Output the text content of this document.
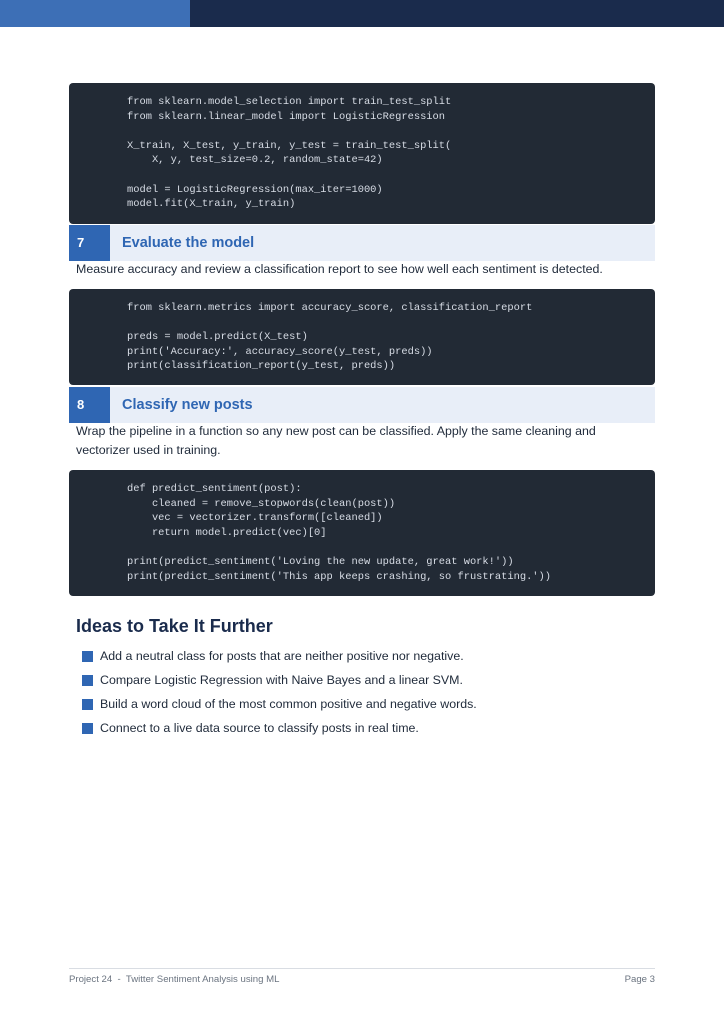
from sklearn.model_selection import train_test_split
from sklearn.linear_model import LogisticRegression

X_train, X_test, y_train, y_test = train_test_split(
X, y, test_size=0.2, random_state=42)

model = LogisticRegression(max_iter=1000)
model.fit(X_train, y_train)
7	Evaluate the model
Measure accuracy and review a classification report to see how well each sentiment is detected.
from sklearn.metrics import accuracy_score, classification_report

preds = model.predict(X_test)
print('Accuracy:', accuracy_score(y_test, preds))
print(classification_report(y_test, preds))
8	Classify new posts
Wrap the pipeline in a function so any new post can be classified. Apply the same cleaning and vectorizer used in training.
def predict_sentiment(post):
cleaned = remove_stopwords(clean(post))
vec = vectorizer.transform([cleaned])
return model.predict(vec)[0]

print(predict_sentiment('Loving the new update, great work!'))
print(predict_sentiment('This app keeps crashing, so frustrating.'))
Ideas to Take It Further
Add a neutral class for posts that are neither positive nor negative.
Compare Logistic Regression with Naive Bayes and a linear SVM.
Build a word cloud of the most common positive and negative words.
Connect to a live data source to classify posts in real time.
Project 24  -  Twitter Sentiment Analysis using ML	Page 3
